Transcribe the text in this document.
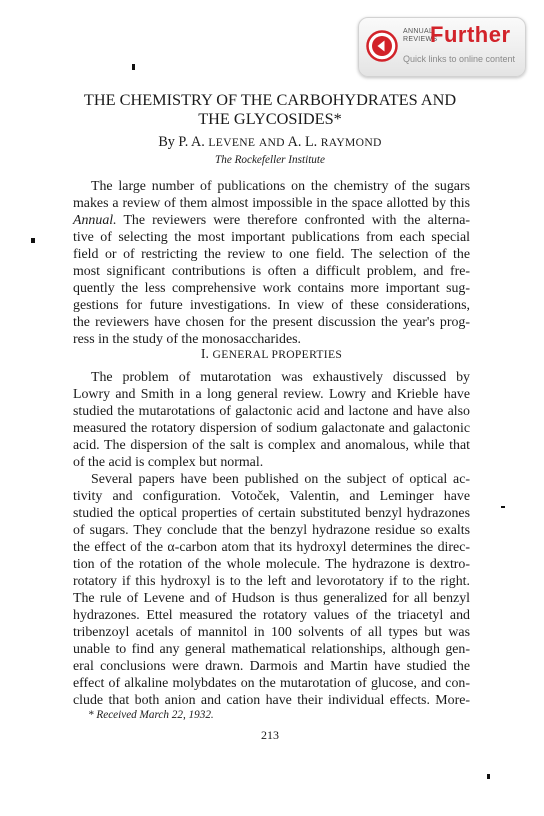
ANNUAL
REVIEWS
Further
Quick links to online content
THE CHEMISTRY OF THE CARBOHYDRATES AND
THE GLYCOSIDES*
By P. A. LEVENE AND A. L. RAYMOND
The Rockefeller Institute
The large number of publications on the chemistry of the sugars
makes a review of them almost impossible in the space allotted by this
Annual. The reviewers were therefore confronted with the alterna-
tive of selecting the most important publications from each special
field or of restricting the review to one field. The selection of the
most significant contributions is often a difficult problem, and fre-
quently the less comprehensive work contains more important sug-
gestions for future investigations. In view of these considerations,
the reviewers have chosen for the present discussion the year's prog-
ress in the study of the monosaccharides.
I. GENERAL PROPERTIES
The problem of mutarotation was exhaustively discussed by
Lowry and Smith in a long general review. Lowry and Krieble have
studied the mutarotations of galactonic acid and lactone and have also
measured the rotatory dispersion of sodium galactonate and galactonic
acid. The dispersion of the salt is complex and anomalous, while that
of the acid is complex but normal.
Several papers have been published on the subject of optical ac-
tivity and configuration. Votoček, Valentin, and Leminger have
studied the optical properties of certain substituted benzyl hydrazones
of sugars. They conclude that the benzyl hydrazone residue so exalts
the effect of the α-carbon atom that its hydroxyl determines the direc-
tion of the rotation of the whole molecule. The hydrazone is dextro-
rotatory if this hydroxyl is to the left and levorotatory if to the right.
The rule of Levene and of Hudson is thus generalized for all benzyl
hydrazones. Ettel measured the rotatory values of the triacetyl and
tribenzoyl acetals of mannitol in 100 solvents of all types but was
unable to find any general mathematical relationships, although gen-
eral conclusions were drawn. Darmois and Martin have studied the
effect of alkaline molybdates on the mutarotation of glucose, and con-
clude that both anion and cation have their individual effects. More-
* Received March 22, 1932.
213
